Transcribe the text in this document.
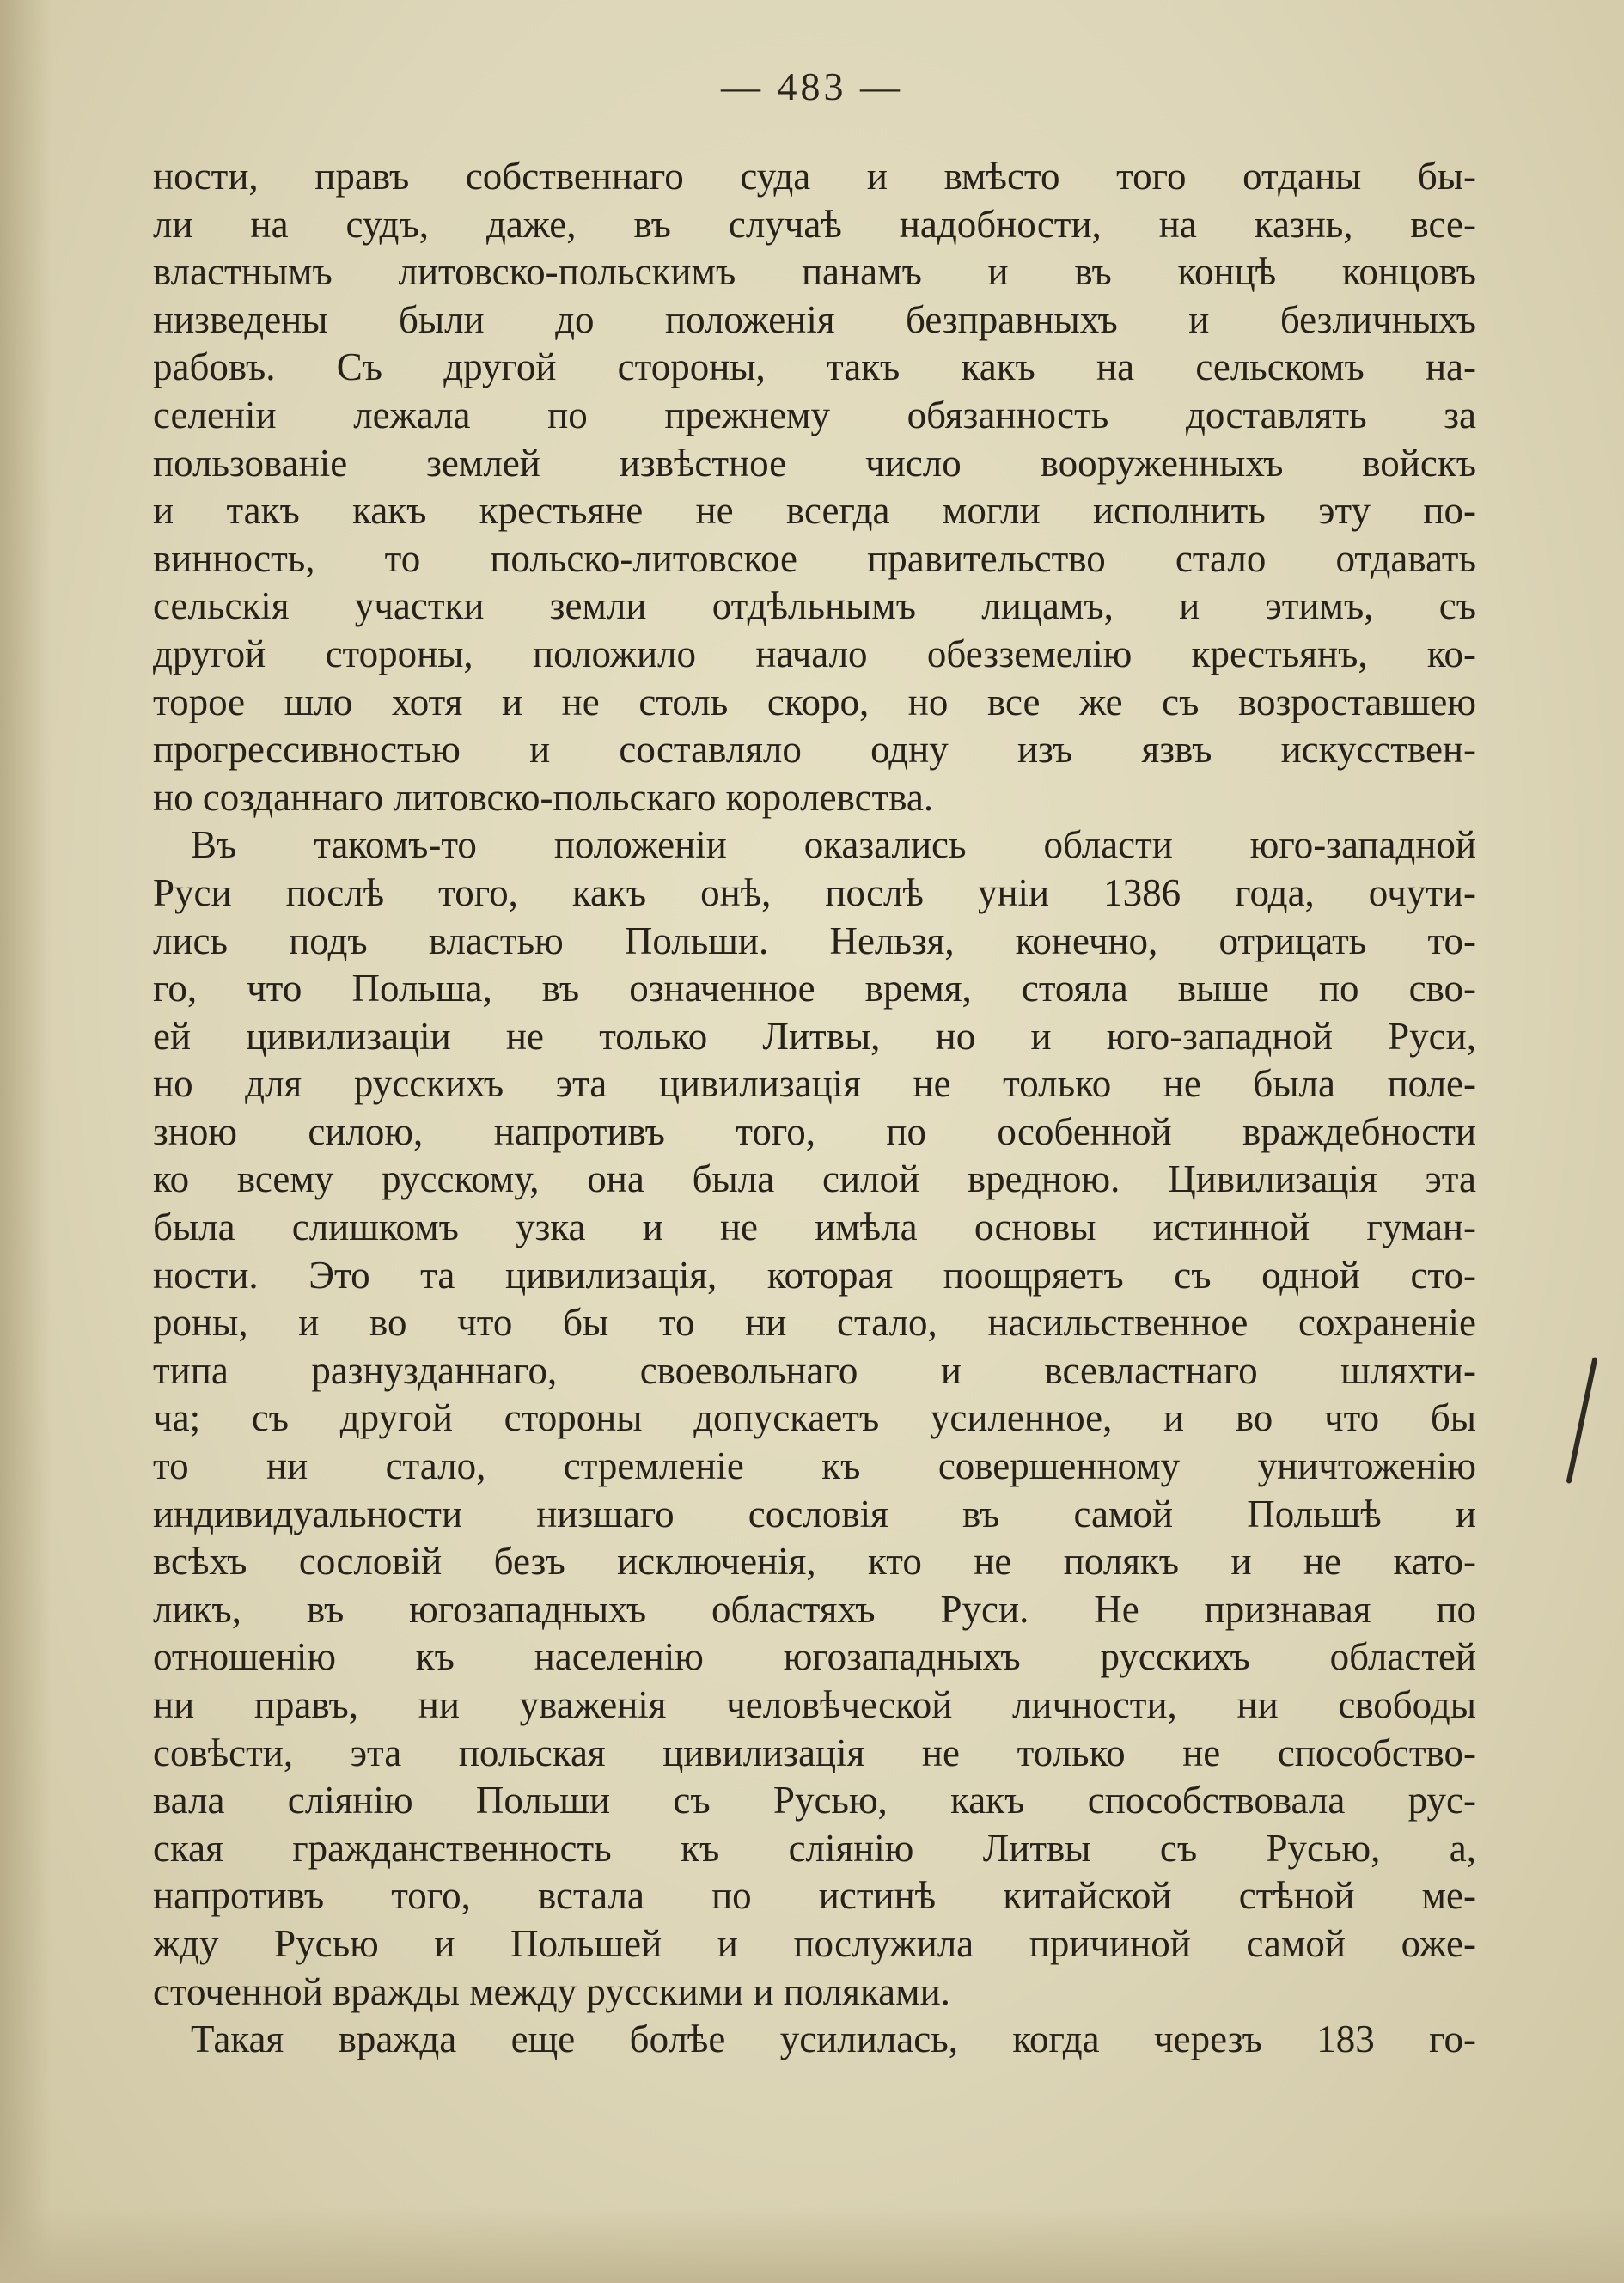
— 483 —
ности, правъ собственнаго суда и вмѣсто того отданы бы-
ли на судъ, даже, въ случаѣ надобности, на казнь, все-
властнымъ литовско-польскимъ панамъ и въ концѣ концовъ
низведены были до положенія безправныхъ и безличныхъ
рабовъ. Съ другой стороны, такъ какъ на сельскомъ на-
селеніи лежала по прежнему обязанность доставлять за
пользованіе землей извѣстное число вооруженныхъ войскъ
и такъ какъ крестьяне не всегда могли исполнить эту по-
винность, то польско-литовское правительство стало отдавать
сельскія участки земли отдѣльнымъ лицамъ, и этимъ, съ
другой стороны, положило начало обезземелію крестьянъ, ко-
торое шло хотя и не столь скоро, но все же съ возроставшею
прогрессивностью и составляло одну изъ язвъ искусствен-
но созданнаго литовско-польскаго королевства.
Въ такомъ-то положеніи оказались области юго-западной
Руси послѣ того, какъ онѣ, послѣ уніи 1386 года, очути-
лись подъ властью Польши. Нельзя, конечно, отрицать то-
го, что Польша, въ означенное время, стояла выше по сво-
ей цивилизаціи не только Литвы, но и юго-западной Руси,
но для русскихъ эта цивилизація не только не была поле-
зною силою, напротивъ того, по особенной враждебности
ко всему русскому, она была силой вредною. Цивилизація эта
была слишкомъ узка и не имѣла основы истинной гуман-
ности. Это та цивилизація, которая поощряетъ съ одной сто-
роны, и во что бы то ни стало, насильственное сохраненіе
типа разнузданнаго, своевольнаго и всевластнаго шляхти-
ча; съ другой стороны допускаетъ усиленное, и во что бы
то ни стало, стремленіе къ совершенному уничтоженію
индивидуальности низшаго сословія въ самой Польшѣ и
всѣхъ сословій безъ исключенія, кто не полякъ и не като-
ликъ, въ югозападныхъ областяхъ Руси. Не признавая по
отношенію къ населенію югозападныхъ русскихъ областей
ни правъ, ни уваженія человѣческой личности, ни свободы
совѣсти, эта польская цивилизація не только не способство-
вала сліянію Польши съ Русью, какъ способствовала рус-
ская гражданственность къ сліянію Литвы съ Русью, а,
напротивъ того, встала по истинѣ китайской стѣной ме-
жду Русью и Польшей и послужила причиной самой ожe-
сточенной вражды между русскими и поляками.
Такая вражда еще болѣе усилилась, когда черезъ 183 го-
